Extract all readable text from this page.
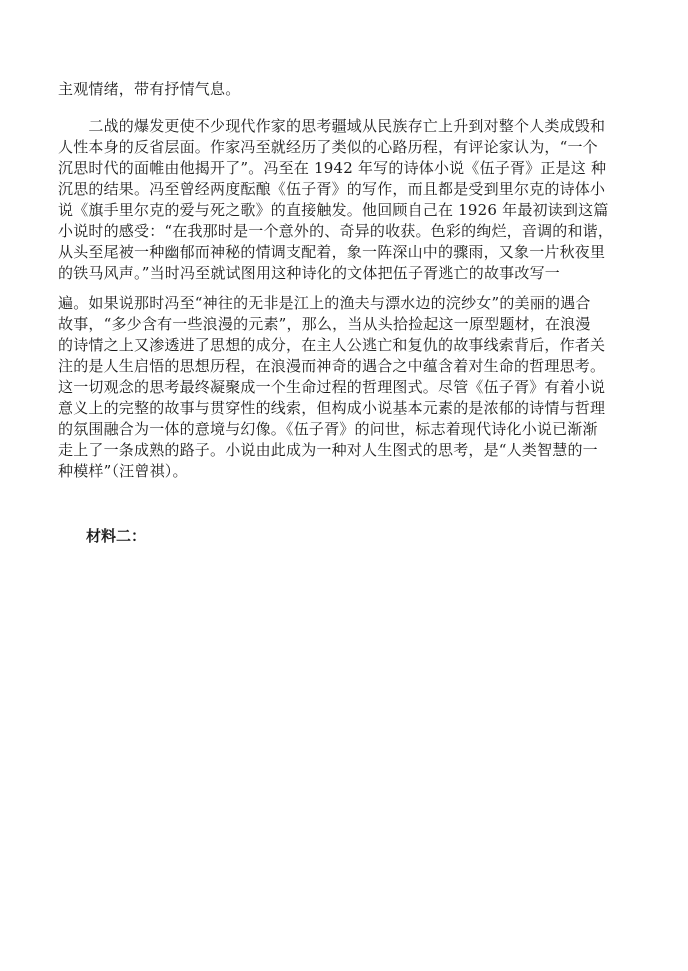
主观情绪，带有抒情气息。
　　二战的爆发更使不少现代作家的思考疆域从民族存亡上升到对整个人类成毁和
人性本身的反省层面。作家冯至就经历了类似的心路历程，有评论家认为，“一个
沉思时代的面帷由他揭开了”。冯至在 1942 年写的诗体小说《伍子胥》正是这 种
沉思的结果。冯至曾经两度酝酿《伍子胥》的写作，而且都是受到里尔克的诗体小
说《旗手里尔克的爱与死之歌》的直接触发。他回顾自己在 1926 年最初读到这篇
小说时的感受：“在我那时是一个意外的、奇异的收获。色彩的绚烂，音调的和谐，
从头至尾被一种幽郁而神秘的情调支配着，象一阵深山中的骤雨，又象一片秋夜里
的铁马风声。”当时冯至就试图用这种诗化的文体把伍子胥逃亡的故事改写一
遍。如果说那时冯至“神往的无非是江上的渔夫与漂水边的浣纱女”的美丽的遇合
故事，“多少含有一些浪漫的元素”，那么，当从头拾捡起这一原型题材，在浪漫
的诗情之上又渗透进了思想的成分，在主人公逃亡和复仇的故事线索背后，作者关
注的是人生启悟的思想历程，在浪漫而神奇的遇合之中蕴含着对生命的哲理思考。
这一切观念的思考最终凝聚成一个生命过程的哲理图式。尽管《伍子胥》有着小说
意义上的完整的故事与贯穿性的线索，但构成小说基本元素的是浓郁的诗情与哲理
的氛围融合为一体的意境与幻像。《伍子胥》的问世，标志着现代诗化小说已渐渐
走上了一条成熟的路子。小说由此成为一种对人生图式的思考，是“人类智慧的一
种模样”（汪曾祺）。
材料二：
